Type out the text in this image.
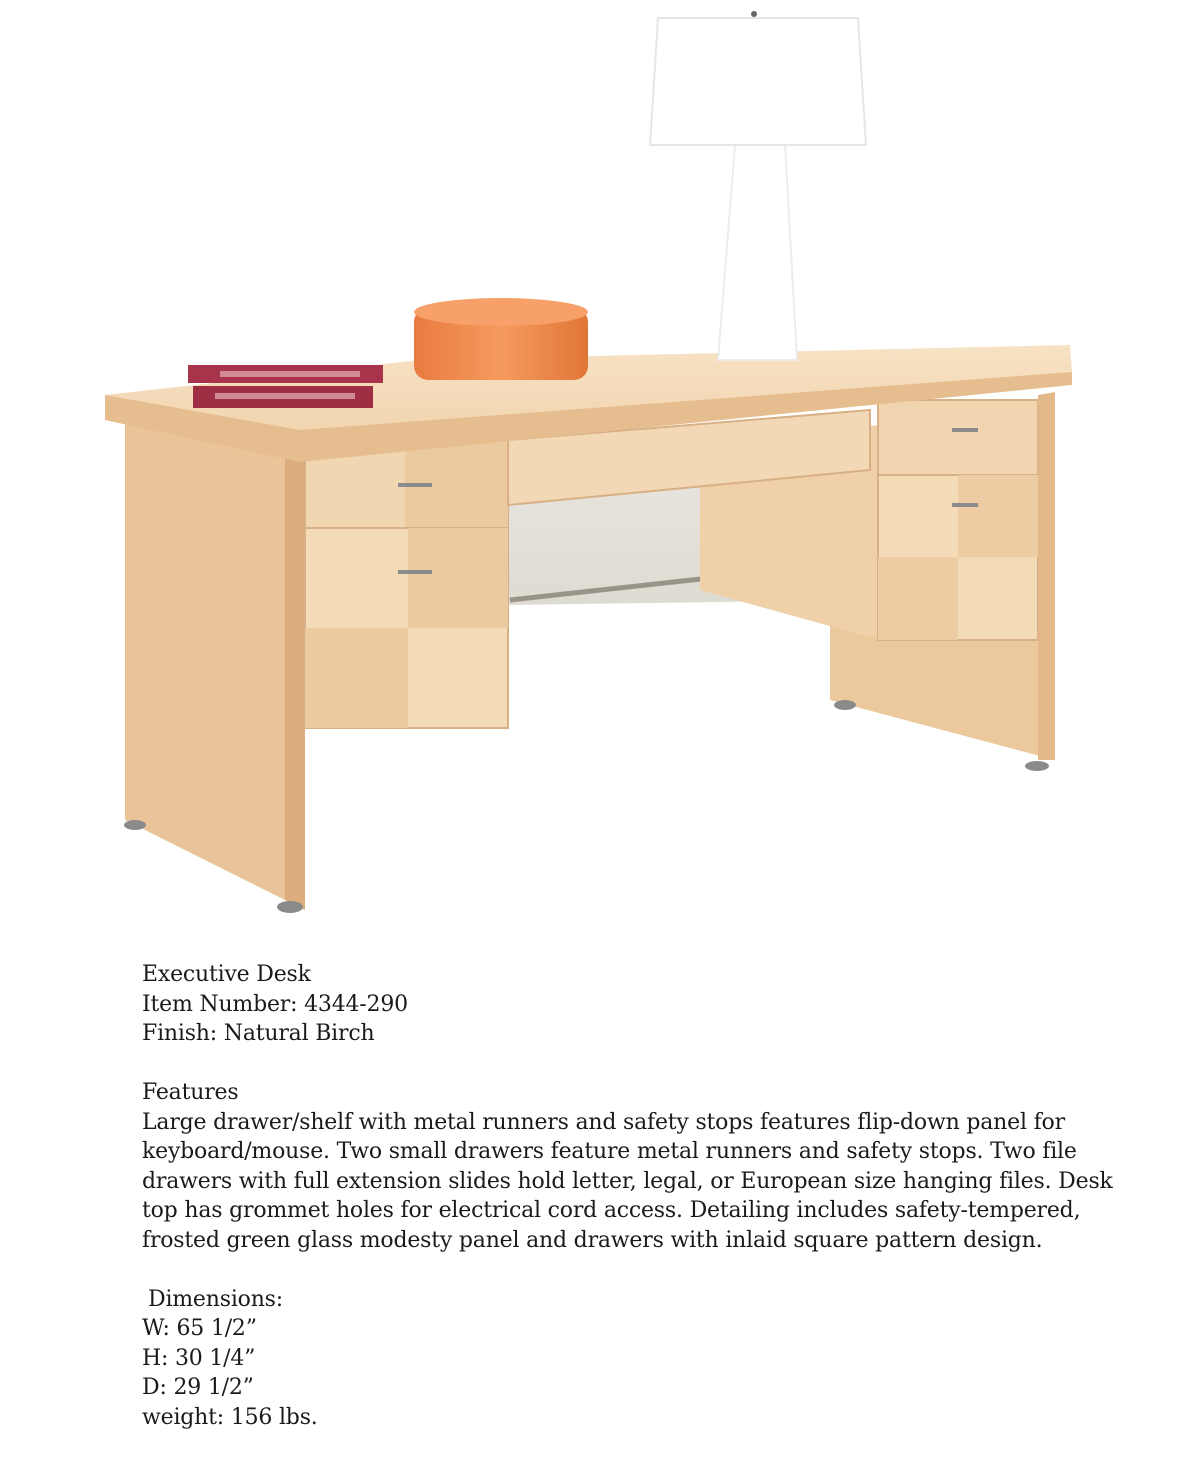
Executive Desk

Item Number: 4344-290

Finish: Natural Birch

Features

Large drawer/shelf with metal runners and safety stops features flip-down panel for

keyboard/mouse. Two small drawers feature metal runners and safety stops. Two file

drawers with full extension slides hold letter, legal, or European size hanging files. Desk

top has grommet holes for electrical cord access. Detailing includes safety-tempered,

frosted green glass modesty panel and drawers with inlaid square pattern design.

Dimensions:

W: 65 1/2”

H: 30 1/4”

D: 29 1/2”

weight: 156 lbs.
